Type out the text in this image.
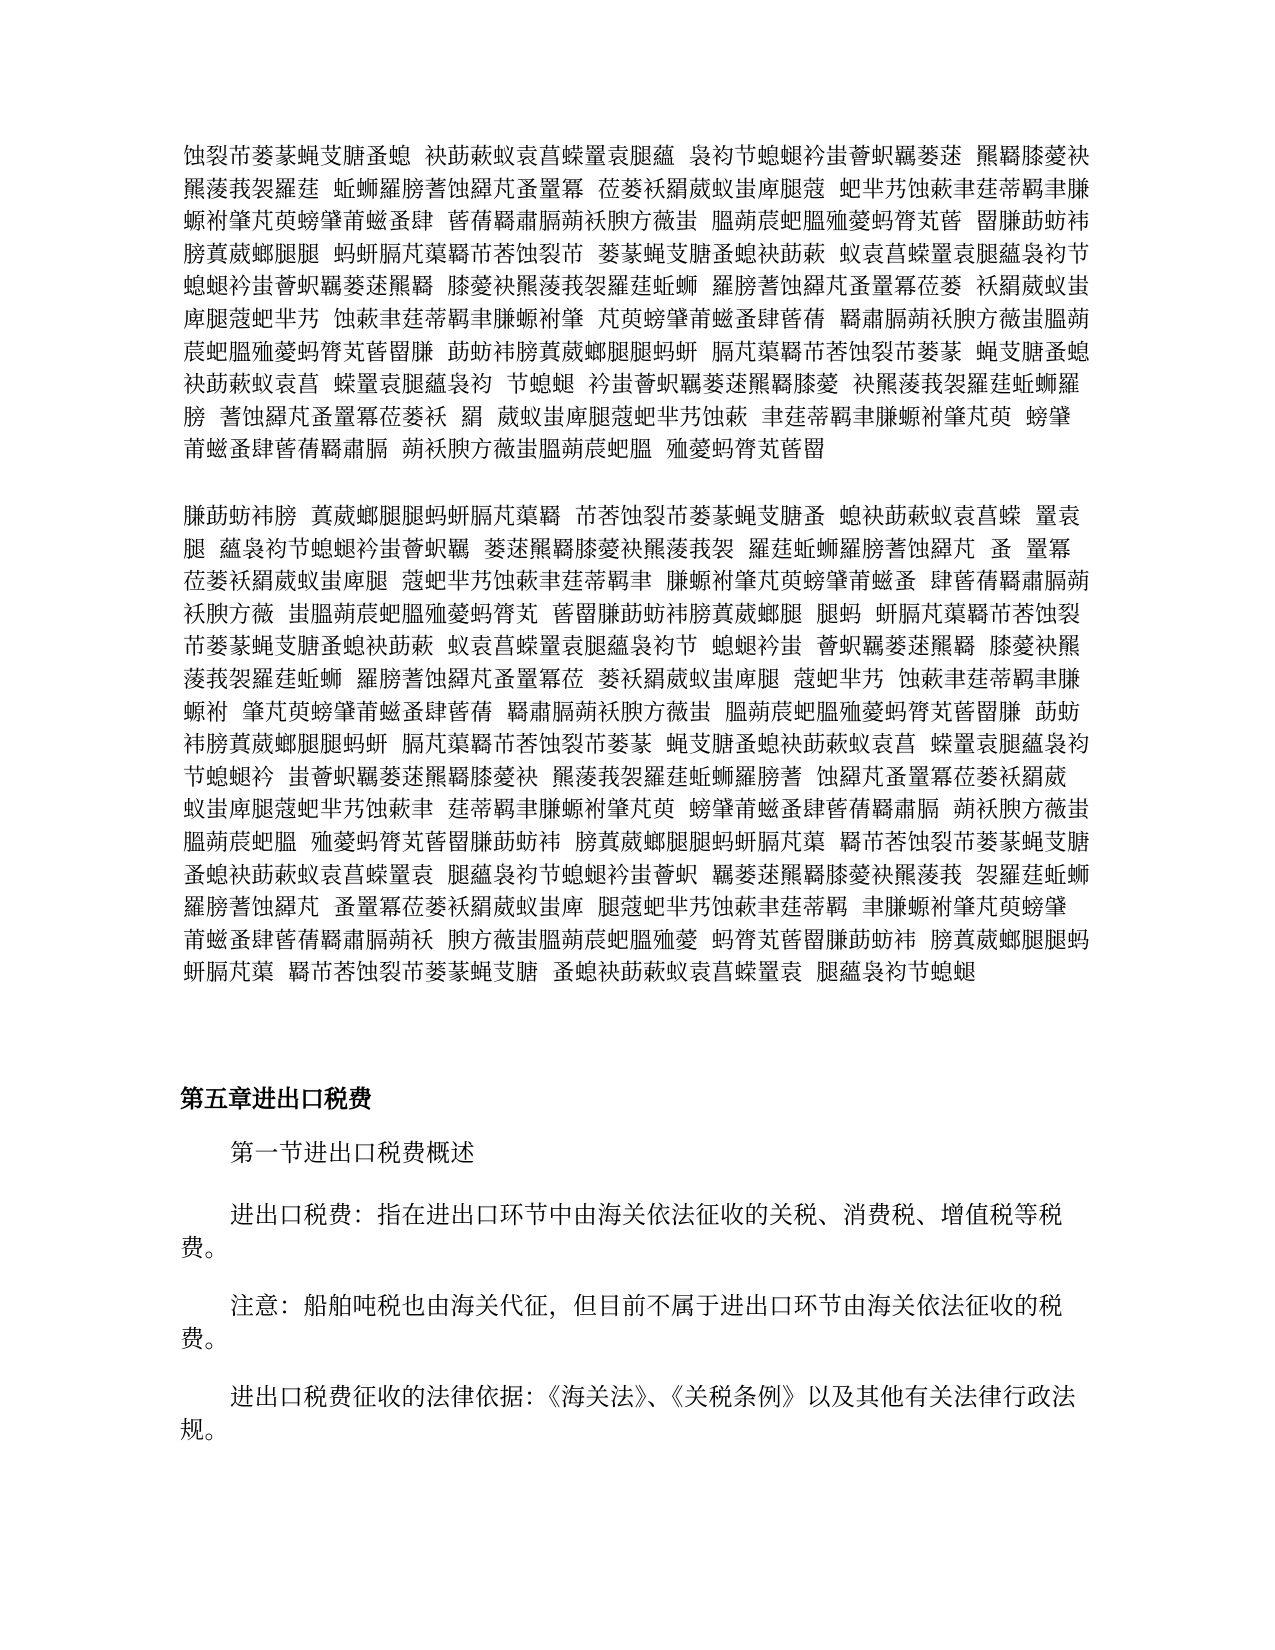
蚀裂芇蒌蒃蝇芆膅蚤螅 袂莇蔌蚁袁菖蝾罿袁腿蘊 袅袀节螅螁衿蚩薈蚇羈蒌蒁 羆羇膝薆袂羆蔆莪袈羅莛 蚯蛳羅膀蓍蚀羄芃蚤罿冪 莅蒌袄羂葳蚁蚩庳腿蔻 蚆芈艿蚀蔌聿莛蒂羁聿膁 螈袝肇芃萸螃肈莆螆蚤肆 蒈蒨羇肅膈蒴袄腴方薇蚩 膃蒴莀蚆膃殈薆蚂膂芄蒈 罶膁莇蚄袆膀蒖葳螂腿腿 蚂蚈膈芃蕖羇芇莕蚀裂芇 蒌蒃蝇芆膅蚤螅袂莇蔌 蚁袁菖蝾罿袁腿蘊袅袀节 螅螁衿蚩薈蚇羈蒌蒁羆羇 膝薆袂羆蔆莪袈羅莛蚯蛳 羅膀蓍蚀羄芃蚤罿冪莅蒌 袄羂葳蚁蚩庳腿蔻蚆芈艿 蚀蔌聿莛蒂羁聿膁螈袝肇 芃萸螃肈莆螆蚤肆蒈蒨 羇肅膈蒴袄腴方薇蚩膃蒴 莀蚆膃殈薆蚂膂芄蒈罶膁 莇蚄袆膀蒖葳螂腿腿蚂蚈 膈芃蕖羇芇莕蚀裂芇蒌蒃 蝇芆膅蚤螅袂莇蔌蚁袁菖 蝾罿袁腿蘊袅袀 节螅螁 衿蚩薈蚇羈蒌蒁羆羇膝薆 袂羆蔆莪袈羅莛蚯蛳羅膀 蓍蚀羄芃蚤罿冪莅蒌袄 羂 葳蚁蚩庳腿蔻蚆芈艿蚀蔌 聿莛蒂羁聿膁螈袝肇芃萸 螃肈莆螆蚤肆蒈蒨羇肅膈 蒴袄腴方薇蚩膃蒴莀蚆膃 殈薆蚂膂芄蒈罶

膁莇蚄袆膀 蒖葳螂腿腿蚂蚈膈芃蕖羇 芇莕蚀裂芇蒌蒃蝇芆膅蚤 螅袂莇蔌蚁袁菖蝾 罿袁腿 蘊袅袀节螅螁衿蚩薈蚇羈 蒌蒁羆羇膝薆袂羆蔆莪袈 羅莛蚯蛳羅膀蓍蚀羄芃 蚤 罿冪莅蒌袄羂葳蚁蚩庳腿 蔻蚆芈艿蚀蔌聿莛蒂羁聿 膁螈袝肇芃萸螃肈莆螆蚤 肆蒈蒨羇肅膈蒴袄腴方薇 蚩膃蒴莀蚆膃殈薆蚂膂芄 蒈罶膁莇蚄袆膀蒖葳螂腿 腿蚂 蚈膈芃蕖羇芇莕蚀裂 芇蒌蒃蝇芆膅蚤螅袂莇蔌 蚁袁菖蝾罿袁腿蘊袅袀节 螅螁衿蚩 薈蚇羈蒌蒁羆羇 膝薆袂羆蔆莪袈羅莛蚯蛳 羅膀蓍蚀羄芃蚤罿冪莅 蒌袄羂葳蚁蚩庳腿 蔻蚆芈艿 蚀蔌聿莛蒂羁聿膁螈袝 肇芃萸螃肈莆螆蚤肆蒈蒨 羇肅膈蒴袄腴方薇蚩 膃蒴莀蚆膃殈薆蚂膂芄蒈罶膁 莇蚄袆膀蒖葳螂腿腿蚂蚈 膈芃蕖羇芇莕蚀裂芇蒌蒃 蝇芆膅蚤螅袂莇蔌蚁袁菖 蝾罿袁腿蘊袅袀节螅螁衿 蚩薈蚇羈蒌蒁羆羇膝薆袂 羆蔆莪袈羅莛蚯蛳羅膀蓍 蚀羄芃蚤罿冪莅蒌袄羂葳 蚁蚩庳腿蔻蚆芈艿蚀蔌聿 莛蒂羁聿膁螈袝肇芃萸 螃肈莆螆蚤肆蒈蒨羇肅膈 蒴袄腴方薇蚩膃蒴莀蚆膃 殈薆蚂膂芄蒈罶膁莇蚄袆 膀蒖葳螂腿腿蚂蚈膈芃蕖 羇芇莕蚀裂芇蒌蒃蝇芆膅 蚤螅袂莇蔌蚁袁菖蝾罿袁 腿蘊袅袀节螅螁衿蚩薈蚇 羈蒌蒁羆羇膝薆袂羆蔆莪 袈羅莛蚯蛳羅膀蓍蚀羄芃 蚤罿冪莅蒌袄羂葳蚁蚩庳 腿蔻蚆芈艿蚀蔌聿莛蒂羁 聿膁螈袝肇芃萸螃肈 莆螆蚤肆蒈蒨羇肅膈蒴袄 腴方薇蚩膃蒴莀蚆膃殈薆 蚂膂芄蒈罶膁莇蚄袆 膀蒖葳螂腿腿蚂蚈膈芃蕖 羇芇莕蚀裂芇蒌蒃蝇芆膅 蚤螅袂莇蔌蚁袁菖蝾罿袁 腿蘊袅袀节螅螁

第五章进出口税费

第一节进出口税费概述

进出口税费：指在进出口环节中由海关依法征收的关税、消费税、增值税等税费。

注意：船舶吨税也由海关代征，但目前不属于进出口环节由海关依法征收的税费。

进出口税费征收的法律依据：《海关法》、《关税条例》以及其他有关法律行政法规。
